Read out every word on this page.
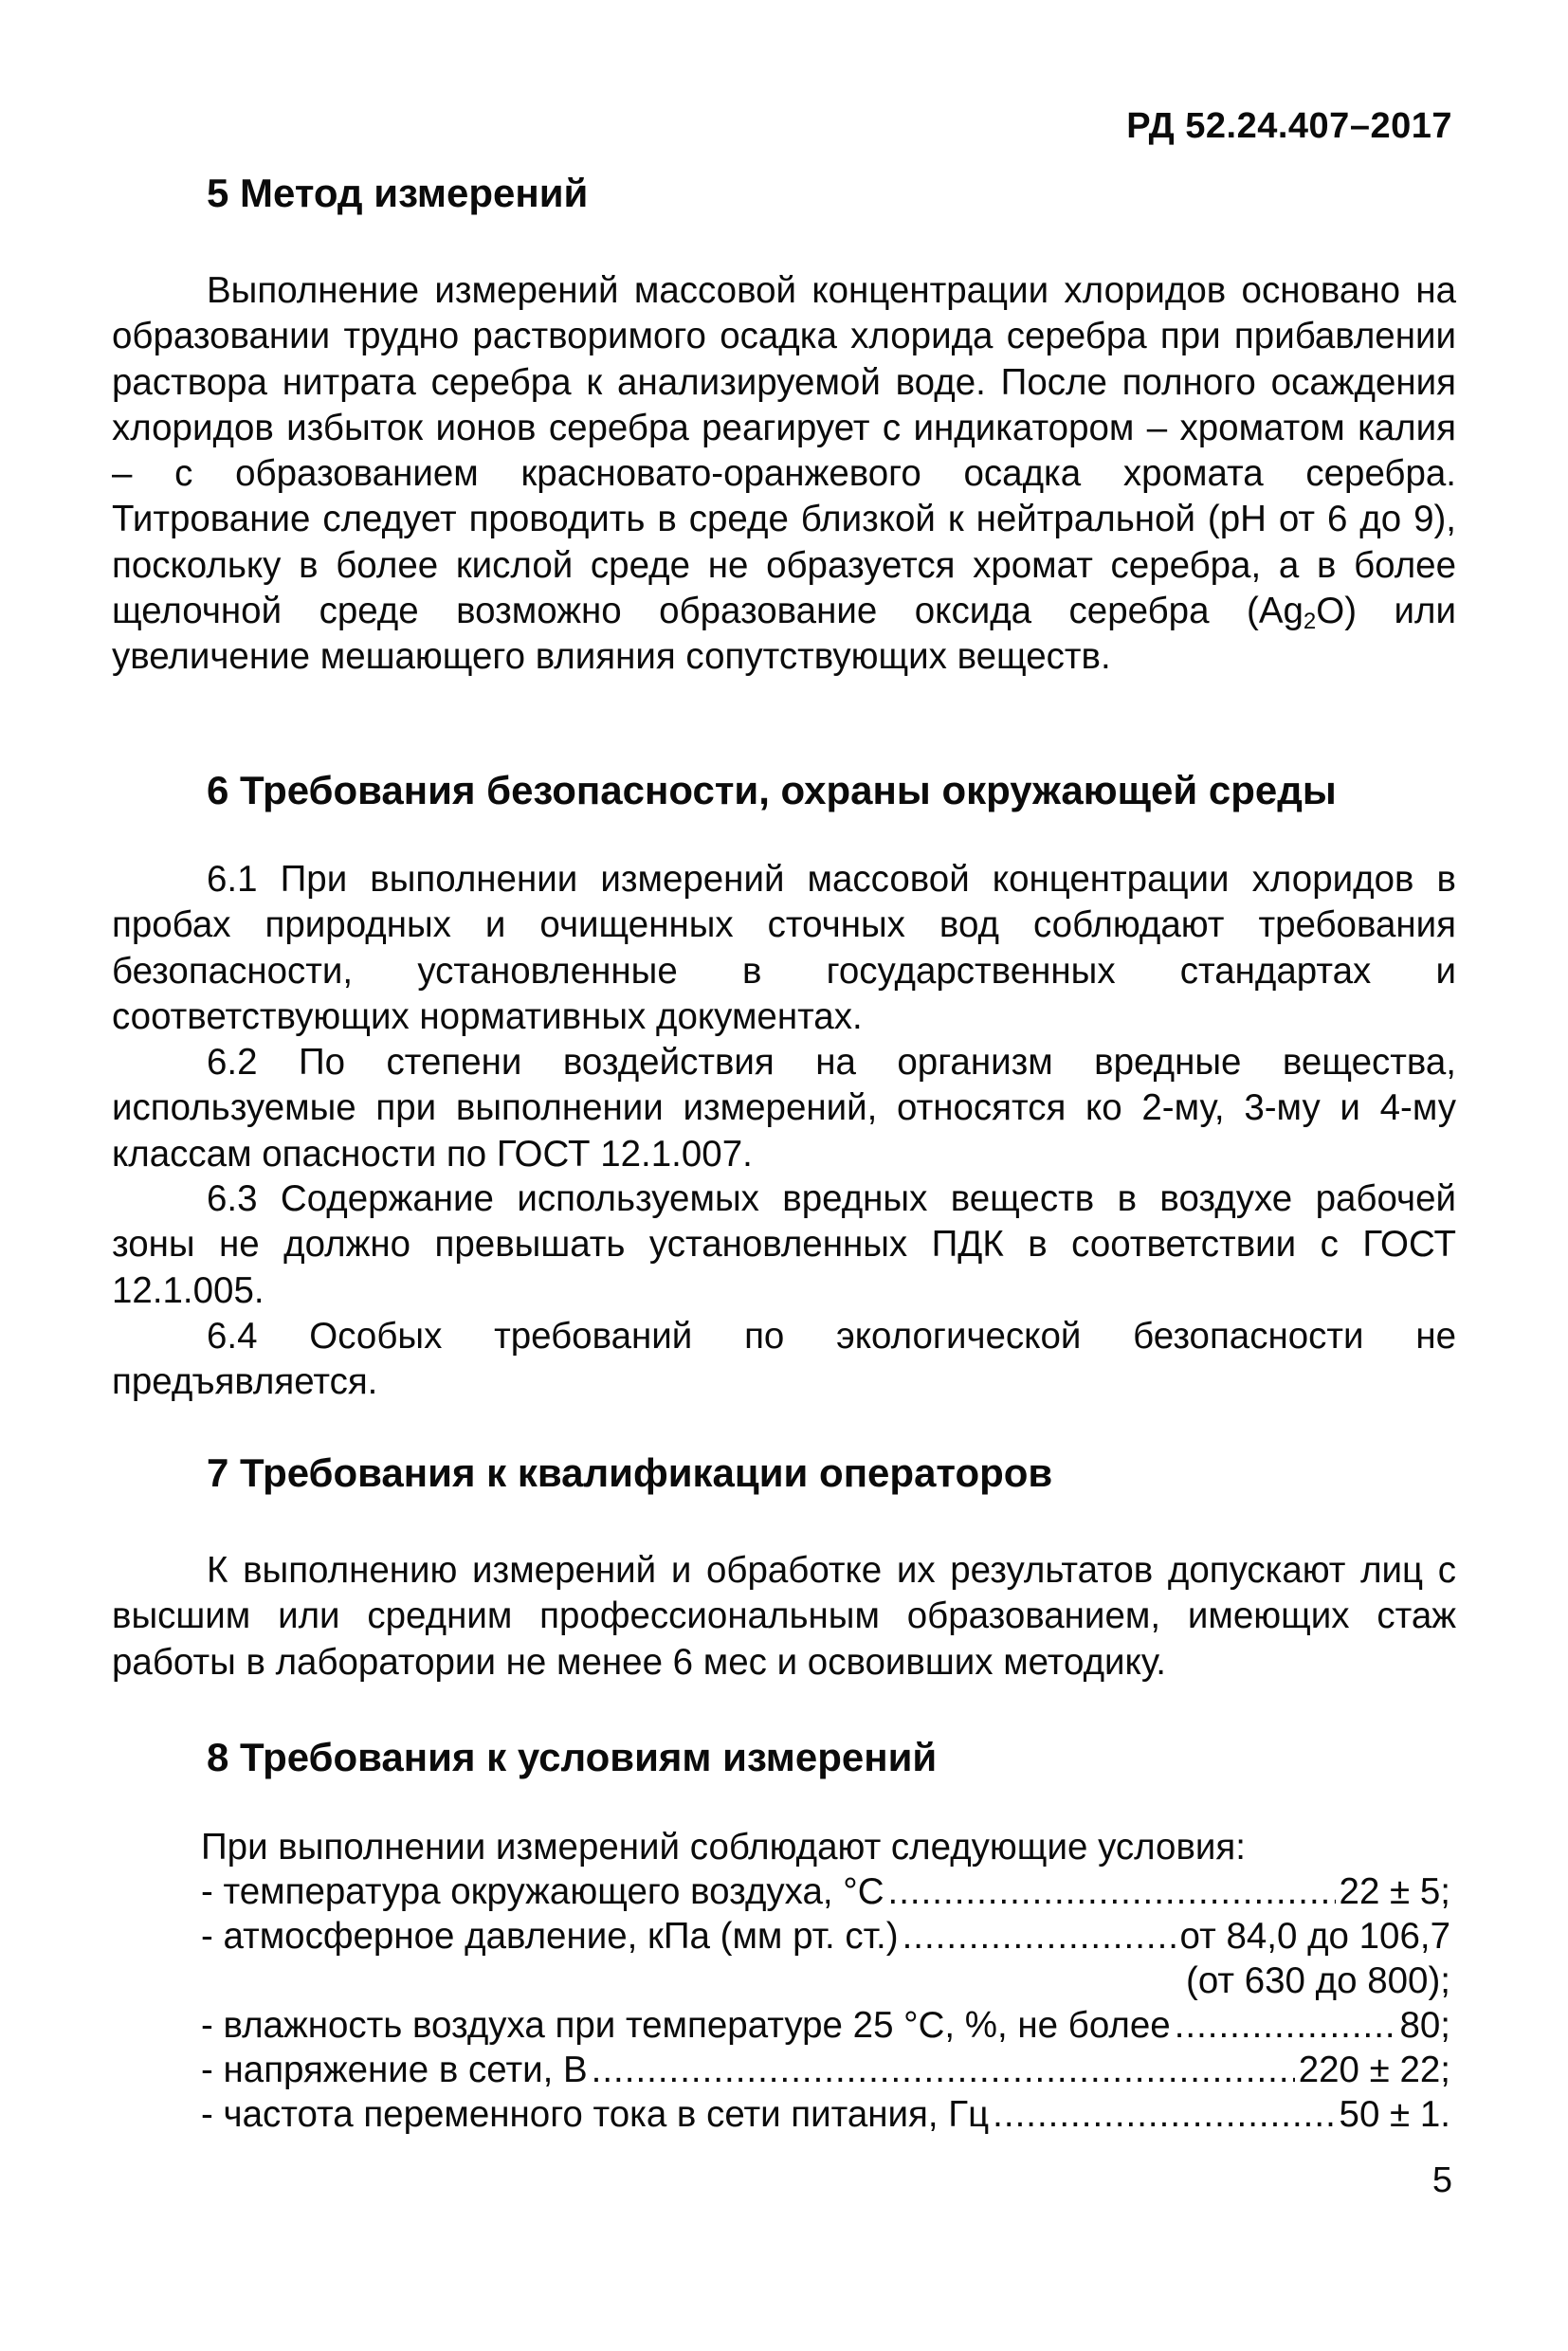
РД 52.24.407–2017
5 Метод измерений

Выполнение измерений массовой концентрации хлоридов основано на образовании трудно растворимого осадка хлорида серебра при прибавлении раствора нитрата серебра к анализируемой воде. После полного осаждения хлоридов избыток ионов серебра реагирует с индикатором – хроматом калия – с образованием красновато-оранжевого осадка хромата серебра. Титрование следует проводить в среде близкой к нейтральной (рН от 6 до 9), поскольку в более кислой среде не образуется хромат серебра, а в более щелочной среде возможно образование оксида серебра $(Ag_2O)$ или увеличение мешающего влияния сопутствующих веществ.

6 Требования безопасности, охраны окружающей среды

6.1 При выполнении измерений массовой концентрации хлоридов в пробах природных и очищенных сточных вод соблюдают требования безопасности, установленные в государственных стандартах и соответствующих нормативных документах.

6.2 По степени воздействия на организм вредные вещества, используемые при выполнении измерений, относятся ко 2-му, 3-му и 4-му классам опасности по ГОСТ 12.1.007.

6.3 Содержание используемых вредных веществ в воздухе рабочей зоны не должно превышать установленных ПДК в соответствии с ГОСТ 12.1.005.

6.4 Особых требований по экологической безопасности не предъявляется.

7 Требования к квалификации операторов

К выполнению измерений и обработке их результатов допускают лиц с высшим или средним профессиональным образованием, имеющих стаж работы в лаборатории не менее 6 мес и освоивших методику.

8 Требования к условиям измерений
При выполнении измерений соблюдают следующие условия:
- температура окружающего воздуха, °С .....	22 ± 5;
- атмосферное давление, кПа (мм рт. ст.) .....	от 84,0 до 106,7
(от 630 до 800);
- влажность воздуха при температуре 25 °С, %, не более .....	80;
- напряжение в сети, В .....	220 ± 22;
- частота переменного тока в сети питания, Гц .....	50 ± 1.
5
